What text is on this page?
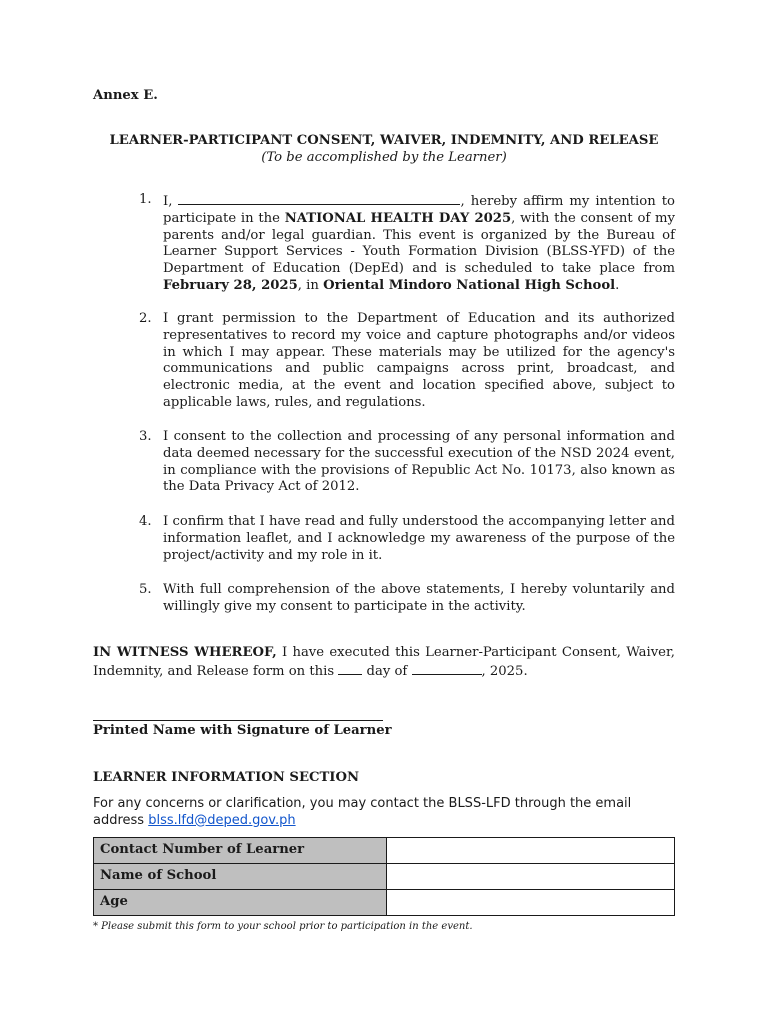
Annex E.
LEARNER-PARTICIPANT CONSENT, WAIVER, INDEMNITY, AND RELEASE
(To be accomplished by the Learner)
1. I,	, hereby affirm my intention to participate in the NATIONAL HEALTH DAY 2025, with the consent of my parents and/or legal guardian. This event is organized by the Bureau of Learner Support Services - Youth Formation Division (BLSS-YFD) of the Department of Education (DepEd) and is scheduled to take place from February 28, 2025, in Oriental Mindoro National High School.
2. I grant permission to the Department of Education and its authorized representatives to record my voice and capture photographs and/or videos in which I may appear. These materials may be utilized for the agency's communications and public campaigns across print, broadcast, and electronic media, at the event and location specified above, subject to applicable laws, rules, and regulations.
3. I consent to the collection and processing of any personal information and data deemed necessary for the successful execution of the NSD 2024 event, in compliance with the provisions of Republic Act No. 10173, also known as the Data Privacy Act of 2012.
4. I confirm that I have read and fully understood the accompanying letter and information leaflet, and I acknowledge my awareness of the purpose of the project/activity and my role in it.
5. With full comprehension of the above statements, I hereby voluntarily and willingly give my consent to participate in the activity.
IN WITNESS WHEREOF, I have executed this Learner-Participant Consent, Waiver, Indemnity, and Release form on this  day of	, 2025.
Printed Name with Signature of Learner
LEARNER INFORMATION SECTION
For any concerns or clarification, you may contact the BLSS-LFD through the email address blss.lfd@deped.gov.ph
Contact Number of Learner	
Name of School	
Age	
* Please submit this form to your school prior to participation in the event.
